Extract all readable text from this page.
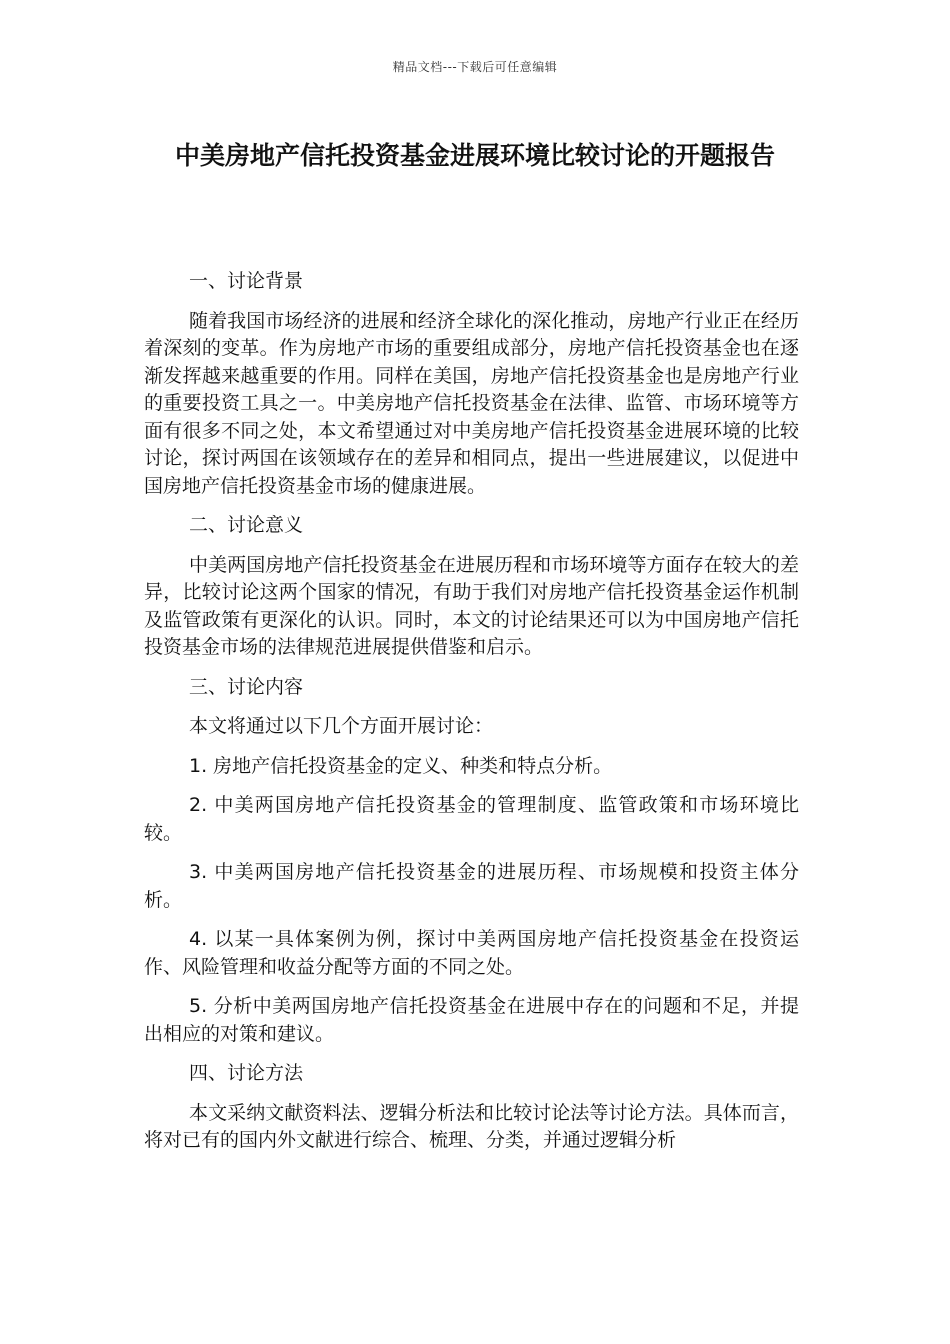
精品文档---下载后可任意编辑
中美房地产信托投资基金进展环境比较讨论的开题报告

一、讨论背景

随着我国市场经济的进展和经济全球化的深化推动，房地产行业正在经历着深刻的变革。作为房地产市场的重要组成部分，房地产信托投资基金也在逐渐发挥越来越重要的作用。同样在美国，房地产信托投资基金也是房地产行业的重要投资工具之一。中美房地产信托投资基金在法律、监管、市场环境等方面有很多不同之处，本文希望通过对中美房地产信托投资基金进展环境的比较讨论，探讨两国在该领域存在的差异和相同点，提出一些进展建议，以促进中国房地产信托投资基金市场的健康进展。

二、讨论意义

中美两国房地产信托投资基金在进展历程和市场环境等方面存在较大的差异，比较讨论这两个国家的情况，有助于我们对房地产信托投资基金运作机制及监管政策有更深化的认识。同时，本文的讨论结果还可以为中国房地产信托投资基金市场的法律规范进展提供借鉴和启示。

三、讨论内容

本文将通过以下几个方面开展讨论：

1. 房地产信托投资基金的定义、种类和特点分析。

2. 中美两国房地产信托投资基金的管理制度、监管政策和市场环境比较。

3. 中美两国房地产信托投资基金的进展历程、市场规模和投资主体分析。

4. 以某一具体案例为例，探讨中美两国房地产信托投资基金在投资运作、风险管理和收益分配等方面的不同之处。

5. 分析中美两国房地产信托投资基金在进展中存在的问题和不足，并提出相应的对策和建议。

四、讨论方法

本文采纳文献资料法、逻辑分析法和比较讨论法等讨论方法。具体而言，将对已有的国内外文献进行综合、梳理、分类，并通过逻辑分析
